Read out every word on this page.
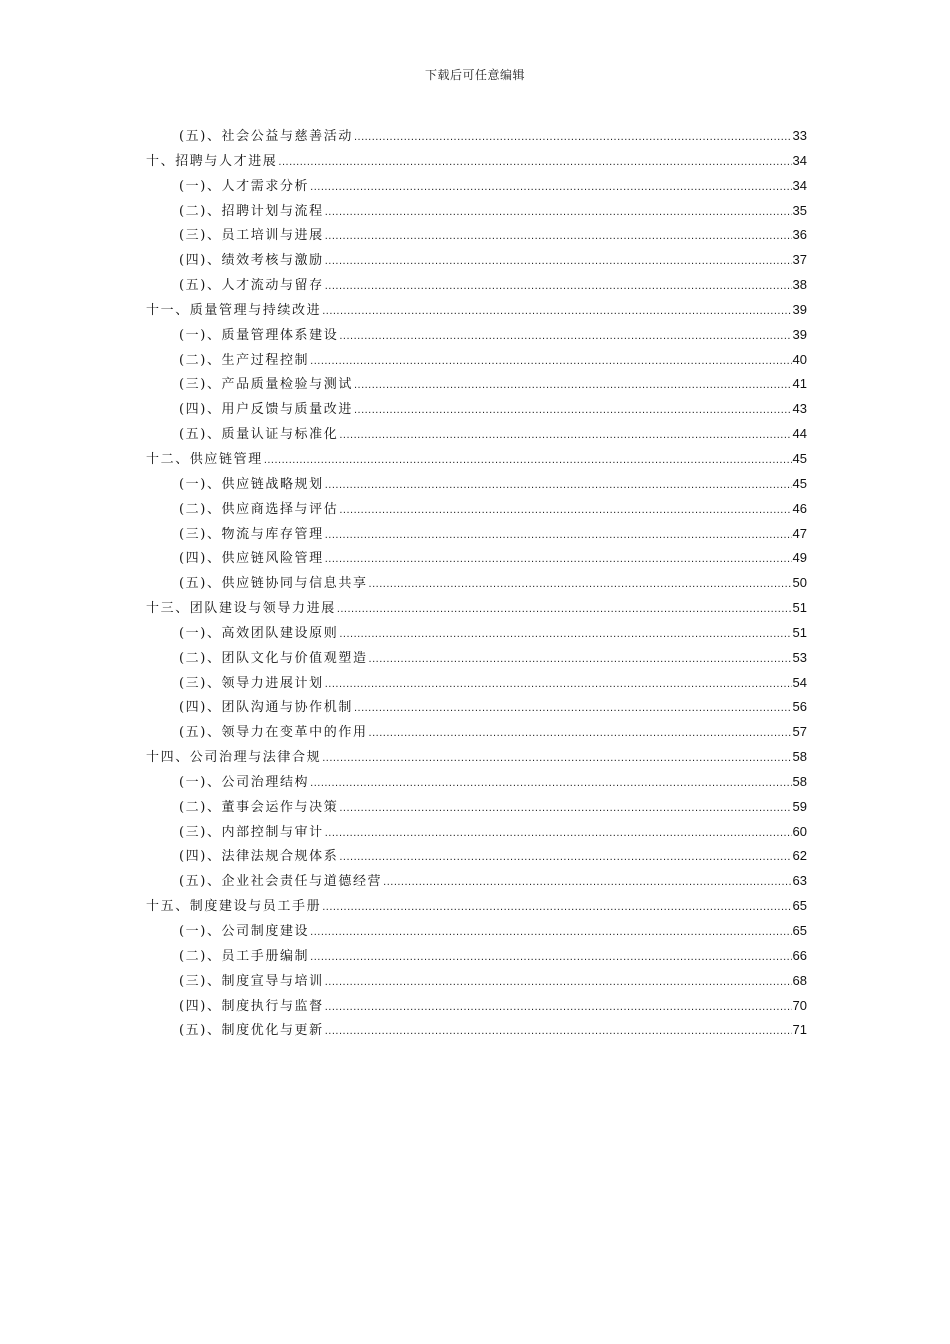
下载后可任意编辑
(五)、社会公益与慈善活动 .....	33
十、招聘与人才进展 .....	34
(一)、人才需求分析 .....	34
(二)、招聘计划与流程 .....	35
(三)、员工培训与进展 .....	36
(四)、绩效考核与激励 .....	37
(五)、人才流动与留存 .....	38
十一、质量管理与持续改进 .....	39
(一)、质量管理体系建设 .....	39
(二)、生产过程控制 .....	40
(三)、产品质量检验与测试 .....	41
(四)、用户反馈与质量改进 .....	43
(五)、质量认证与标准化 .....	44
十二、供应链管理 .....	45
(一)、供应链战略规划 .....	45
(二)、供应商选择与评估 .....	46
(三)、物流与库存管理 .....	47
(四)、供应链风险管理 .....	49
(五)、供应链协同与信息共享 .....	50
十三、团队建设与领导力进展 .....	51
(一)、高效团队建设原则 .....	51
(二)、团队文化与价值观塑造 .....	53
(三)、领导力进展计划 .....	54
(四)、团队沟通与协作机制 .....	56
(五)、领导力在变革中的作用 .....	57
十四、公司治理与法律合规 .....	58
(一)、公司治理结构 .....	58
(二)、董事会运作与决策 .....	59
(三)、内部控制与审计 .....	60
(四)、法律法规合规体系 .....	62
(五)、企业社会责任与道德经营 .....	63
十五、制度建设与员工手册 .....	65
(一)、公司制度建设 .....	65
(二)、员工手册编制 .....	66
(三)、制度宣导与培训 .....	68
(四)、制度执行与监督 .....	70
(五)、制度优化与更新 .....	71
